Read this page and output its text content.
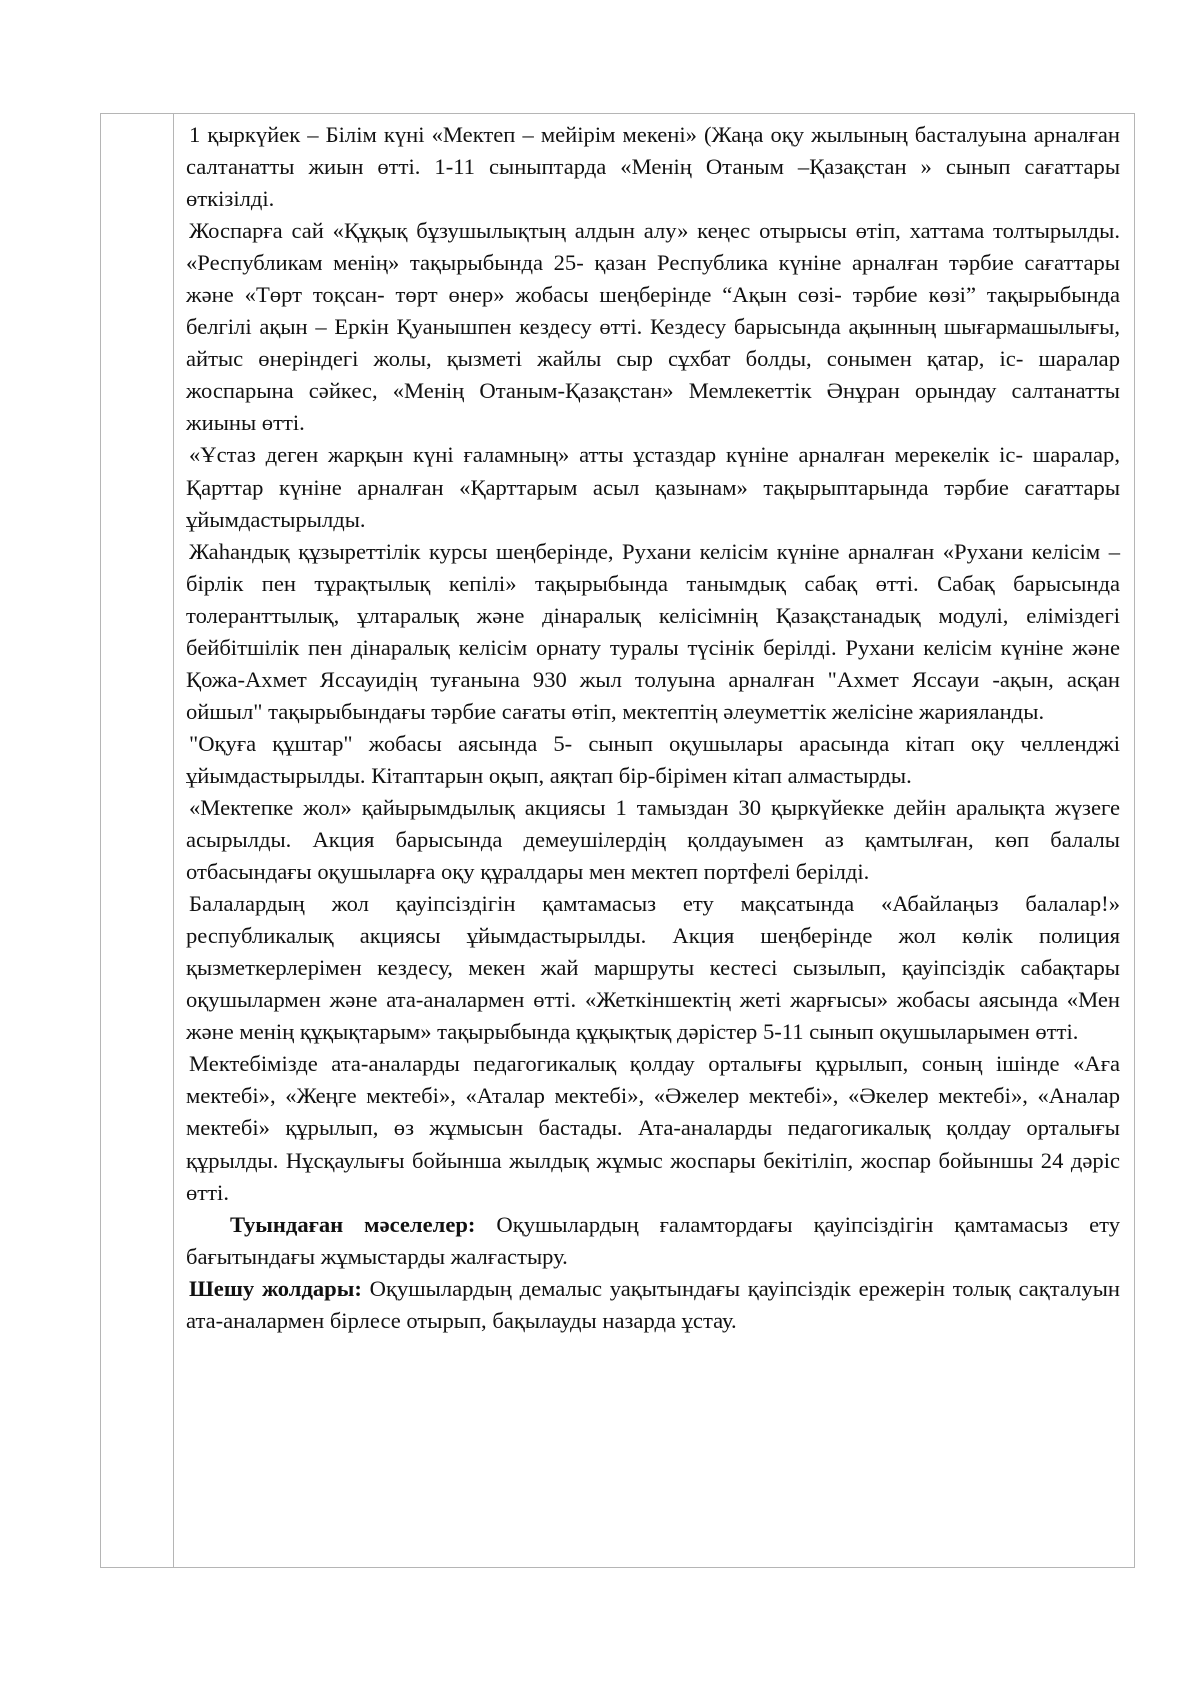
1 қыркүйек – Білім күні «Мектеп – мейірім мекені» (Жаңа оқу жылының басталуына арналған салтанатты жиын өтті. 1-11 сыныптарда «Менің Отаным –Қазақстан » сынып сағаттары өткізілді.

Жоспарға сай «Құқық бұзушылықтың алдын алу» кеңес отырысы өтіп, хаттама толтырылды. «Республикам менің» тақырыбында 25- қазан Республика күніне арналған тәрбие сағаттары және «Төрт тоқсан- төрт өнер» жобасы шеңберінде “Ақын сөзі- тәрбие көзі” тақырыбында белгілі ақын – Еркін Қуанышпен кездесу өтті. Кездесу барысында ақынның шығармашылығы, айтыс өнеріндегі жолы, қызметі жайлы сыр сұхбат болды, сонымен қатар, іс- шаралар жоспарына сәйкес, «Менің Отаным-Қазақстан» Мемлекеттік Әнұран орындау салтанатты жиыны өтті.

«Ұстаз деген жарқын күні ғаламның» атты ұстаздар күніне арналған мерекелік іс- шаралар, Қарттар күніне арналған «Қарттарым асыл қазынам» тақырыптарында тәрбие сағаттары ұйымдастырылды.

Жаһандық құзыреттілік курсы шеңберінде, Рухани келісім күніне арналған «Рухани келісім – бірлік пен тұрақтылық кепілі» тақырыбында танымдық сабақ өтті. Сабақ барысында толеранттылық, ұлтаралық және дінаралық келісімнің Қазақстанадық модулі, еліміздегі бейбітшілік пен дінаралық келісім орнату туралы түсінік берілді. Рухани келісім күніне және Қожа-Ахмет Яссауидің туғанына 930 жыл толуына арналған "Ахмет Яссауи -ақын, асқан ойшыл" тақырыбындағы тәрбие сағаты өтіп, мектептің әлеуметтік желісіне жарияланды.

"Оқуға құштар" жобасы аясында 5- сынып оқушылары арасында кітап оқу челленджі ұйымдастырылды. Кітаптарын оқып, аяқтап бір-бірімен кітап алмастырды.

«Мектепке жол» қайырымдылық акциясы 1 тамыздан 30 қыркүйекке дейін аралықта жүзеге асырылды. Акция барысында демеушілердің қолдауымен аз қамтылған, көп балалы отбасындағы оқушыларға оқу құралдары мен мектеп портфелі берілді.

Балалардың жол қауіпсіздігін қамтамасыз ету мақсатында «Абайлаңыз балалар!» республикалық акциясы ұйымдастырылды. Акция шеңберінде жол көлік полиция қызметкерлерімен кездесу, мекен жай маршруты кестесі сызылып, қауіпсіздік сабақтары оқушылармен және ата-аналармен өтті. «Жеткіншектің жеті жарғысы» жобасы аясында «Мен және менің құқықтарым» тақырыбында құқықтық дәрістер 5-11 сынып оқушыларымен өтті.

Мектебімізде ата-аналарды педагогикалық қолдау орталығы құрылып, соның ішінде «Аға мектебі», «Жеңге мектебі», «Аталар мектебі», «Әжелер мектебі», «Әкелер мектебі», «Аналар мектебі» құрылып, өз жұмысын бастады. Ата-аналарды педагогикалық қолдау орталығы құрылды. Нұсқаулығы бойынша жылдық жұмыс жоспары бекітіліп, жоспар бойыншы 24 дәріс өтті.

Туындаған мәселелер: Оқушылардың ғаламтордағы қауіпсіздігін қамтамасыз ету бағытындағы жұмыстарды жалғастыру.

Шешу жолдары: Оқушылардың демалыс уақытындағы қауіпсіздік ережерін толық сақталуын ата-аналармен бірлесе отырып, бақылауды назарда ұстау.
